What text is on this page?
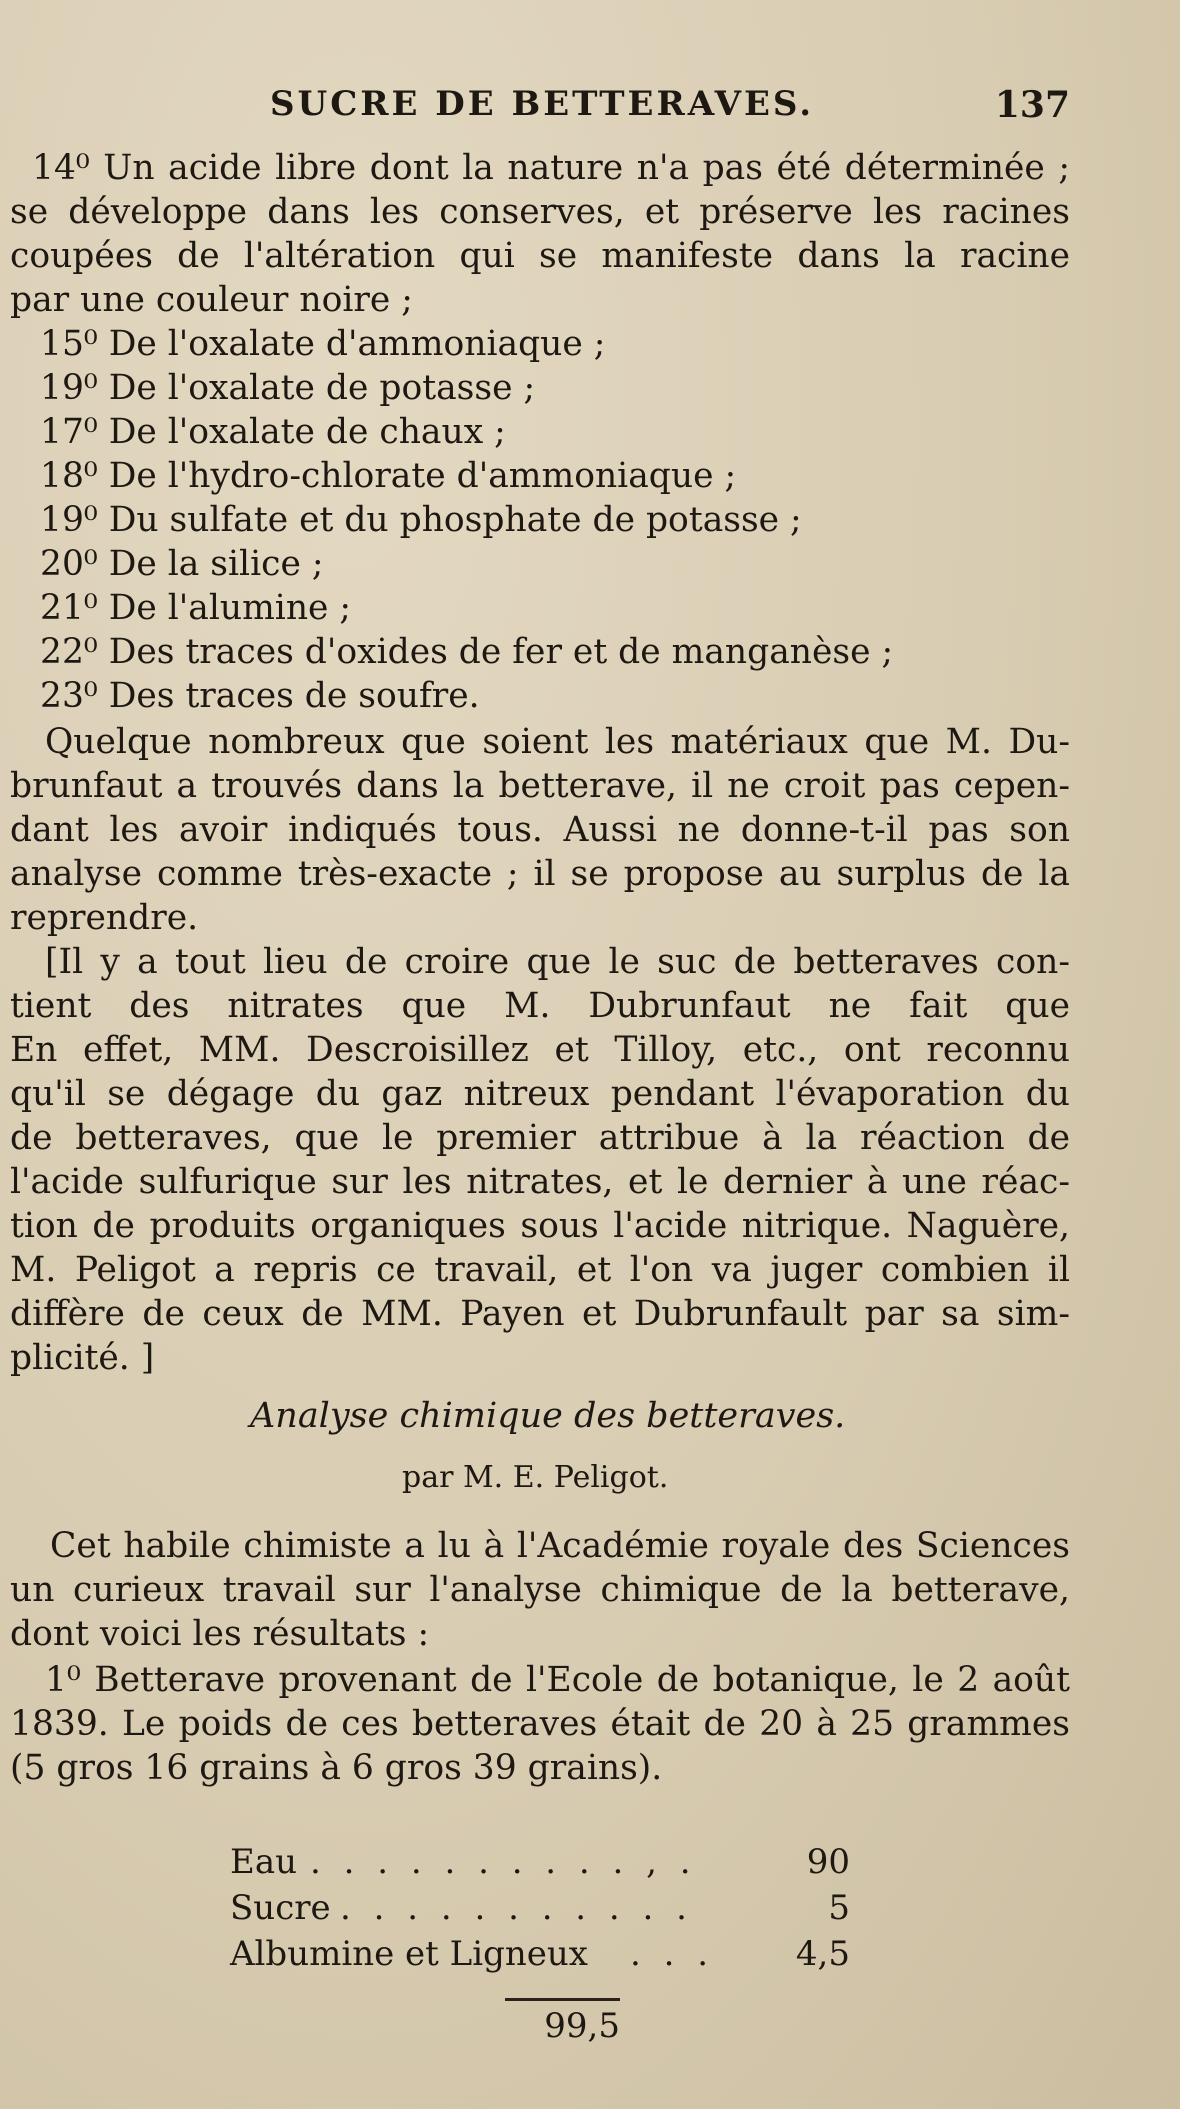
SUCRE DE BETTERAVES.	137
14⁰ Un acide libre dont la nature n'a pas été déterminée ;
se développe dans les conserves, et préserve les racines
coupées de l'altération qui se manifeste dans la racine
par une couleur noire ;
15⁰ De l'oxalate d'ammoniaque ;
19⁰ De l'oxalate de potasse ;
17⁰ De l'oxalate de chaux ;
18⁰ De l'hydro-chlorate d'ammoniaque ;
19⁰ Du sulfate et du phosphate de potasse ;
20⁰ De la silice ;
21⁰ De l'alumine ;
22⁰ Des traces d'oxides de fer et de manganèse ;
23⁰ Des traces de soufre.
Quelque nombreux que soient les matériaux que M. Du-
brunfaut a trouvés dans la betterave, il ne croit pas cepen-
dant les avoir indiqués tous. Aussi ne donne-t-il pas son
analyse comme très-exacte ; il se propose au surplus de la
reprendre.
[Il y a tout lieu de croire que le suc de betteraves con-
tient des nitrates que M. Dubrunfaut ne fait que
En effet, MM. Descroisillez et Tilloy, etc., ont reconnu
qu'il se dégage du gaz nitreux pendant l'évaporation du
de betteraves, que le premier attribue à la réaction de
l'acide sulfurique sur les nitrates, et le dernier à une réac-
tion de produits organiques sous l'acide nitrique. Naguère,
M. Peligot a repris ce travail, et l'on va juger combien il
diffère de ceux de MM. Payen et Dubrunfault par sa sim-
plicité. ]
Analyse chimique des betteraves.
par M. E. Peligot.
Cet habile chimiste a lu à l'Académie royale des Sciences
un curieux travail sur l'analyse chimique de la betterave,
dont voici les résultats :
1⁰ Betterave provenant de l'Ecole de botanique, le 2 août
1839. Le poids de ces betteraves était de 20 à 25 grammes
(5 gros 16 grains à 6 gros 39 grains).
Eau . . . . . . . . . . , .	90
Sucre . . . . . . . . . . .	5
Albumine et Ligneux . . . 4,5
99,5
